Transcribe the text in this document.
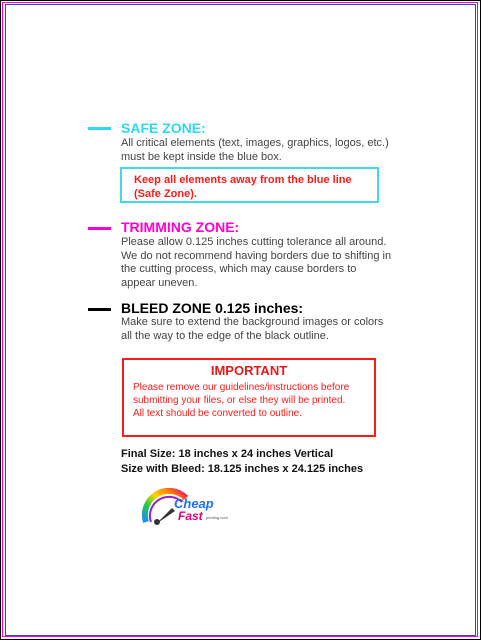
SAFE ZONE:
All critical elements (text, images, graphics, logos, etc.)
must be kept inside the blue box.
Keep all elements away from the blue line
(Safe Zone).
TRIMMING ZONE:
Please allow 0.125 inches cutting tolerance all around.
We do not recommend having borders due to shifting in
the cutting process, which may cause borders to
appear uneven.
BLEED ZONE 0.125 inches:
Make sure to extend the background images or colors
all the way to the edge of the black outline.
IMPORTANT
Please remove our guidelines/instructions before
submitting your files, or else they will be printed.
All text should be converted to outline.
Final Size: 18 inches x 24 inches Vertical
Size with Bleed: 18.125 inches x 24.125 inches
Cheap
Fast printing.com
